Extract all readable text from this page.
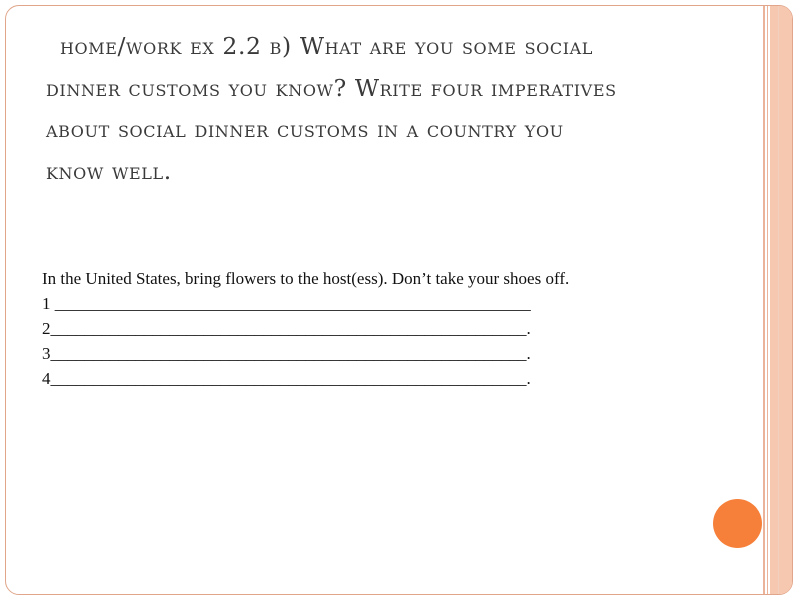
home/work ex 2.2 b) What are you some social
dinner customs you know? Write four imperatives
about social dinner customs in a country you
know well.
In the United States, bring flowers to the host(ess). Don’t take your shoes off.
1 ________________________________________________________
2________________________________________________________.
3________________________________________________________.
4________________________________________________________.
